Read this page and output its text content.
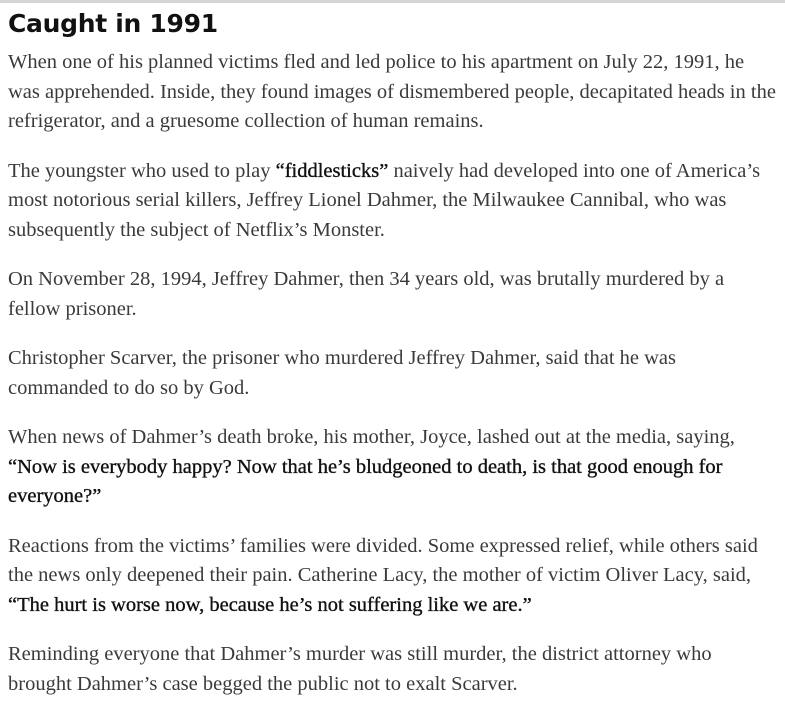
Caught in 1991

When one of his planned victims fled and led police to his apartment on July 22, 1991, he was apprehended. Inside, they found images of dismembered people, decapitated heads in the refrigerator, and a gruesome collection of human remains.

The youngster who used to play “fiddlesticks” naively had developed into one of America’s most notorious serial killers, Jeffrey Lionel Dahmer, the Milwaukee Cannibal, who was subsequently the subject of Netflix’s Monster.

On November 28, 1994, Jeffrey Dahmer, then 34 years old, was brutally murdered by a fellow prisoner.

Christopher Scarver, the prisoner who murdered Jeffrey Dahmer, said that he was commanded to do so by God.

When news of Dahmer’s death broke, his mother, Joyce, lashed out at the media, saying, “Now is everybody happy? Now that he’s bludgeoned to death, is that good enough for everyone?”

Reactions from the victims’ families were divided. Some expressed relief, while others said the news only deepened their pain. Catherine Lacy, the mother of victim Oliver Lacy, said, “The hurt is worse now, because he’s not suffering like we are.”

Reminding everyone that Dahmer’s murder was still murder, the district attorney who brought Dahmer’s case begged the public not to exalt Scarver.
